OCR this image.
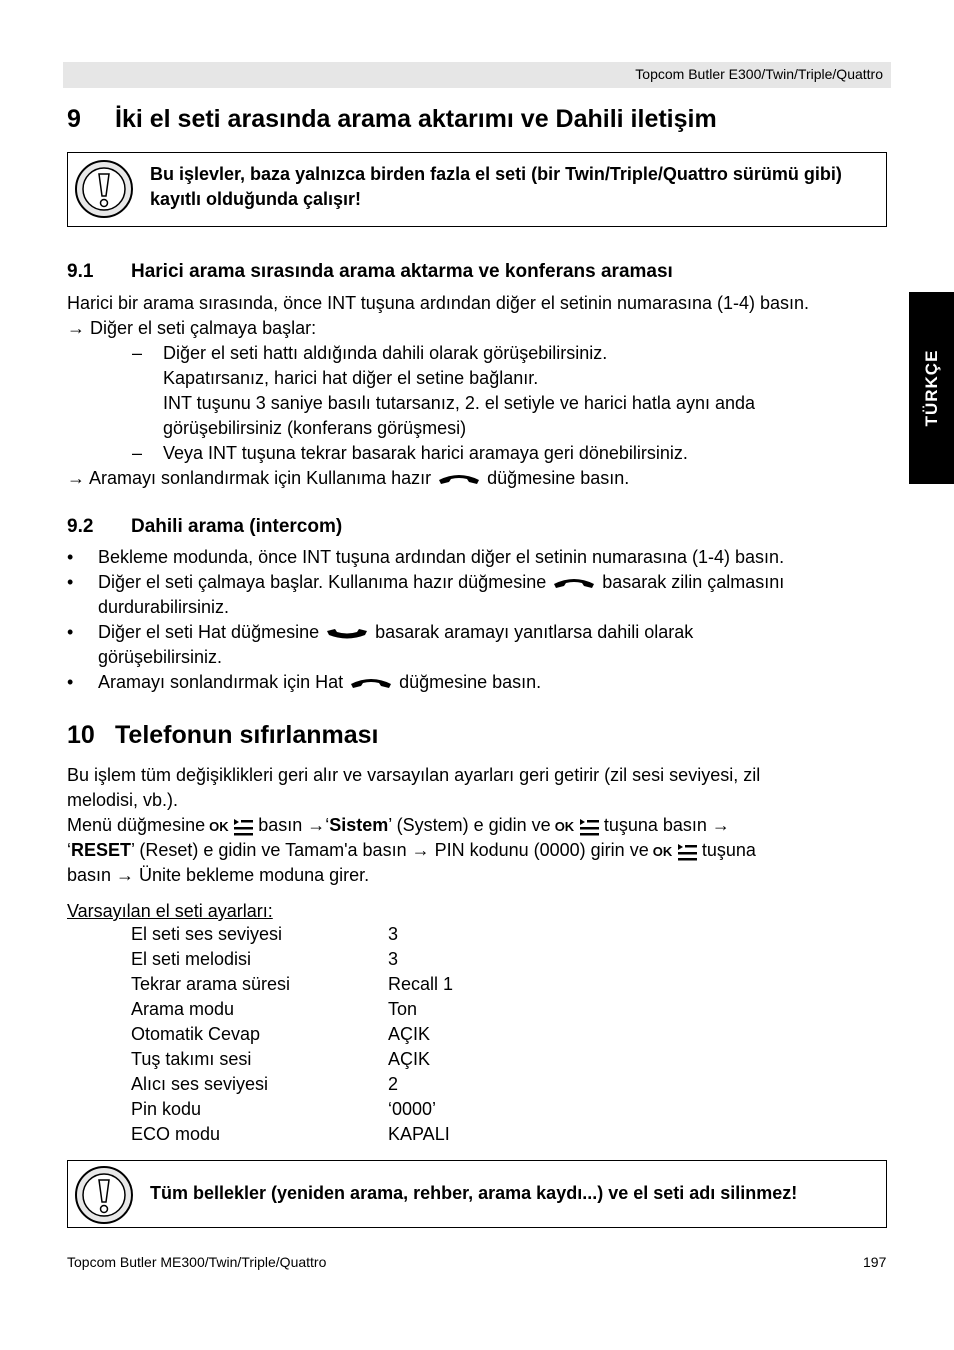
Topcom Butler E300/Twin/Triple/Quattro
TÜRKÇE
9 İki el seti arasında arama aktarımı ve Dahili iletişim
Bu işlevler, baza yalnızca birden fazla el seti (bir Twin/Triple/Quattro sürümü gibi) kayıtlı olduğunda çalışır!
9.1 Harici arama sırasında arama aktarma ve konferans araması
Harici bir arama sırasında, önce INT tuşuna ardından diğer el setinin numarasına (1-4) basın.
→ Diğer el seti çalmaya başlar:
– Diğer el seti hattı aldığında dahili olarak görüşebilirsiniz.
Kapatırsanız, harici hat diğer el setine bağlanır.
INT tuşunu 3 saniye basılı tutarsanız, 2. el setiyle ve harici hatla aynı anda
görüşebilirsiniz (konferans görüşmesi)
– Veya INT tuşuna tekrar basarak harici aramaya geri dönebilirsiniz.
→ Aramayı sonlandırmak için Kullanıma hazır	düğmesine basın.
9.2 Dahili arama (intercom)
• Bekleme modunda, önce INT tuşuna ardından diğer el setinin numarasına (1-4) basın.
• Diğer el seti çalmaya başlar. Kullanıma hazır düğmesine	basarak zilin çalmasını
durdurabilirsiniz.
• Diğer el seti Hat düğmesine	basarak aramayı yanıtlarsa dahili olarak
görüşebilirsiniz.
• Aramayı sonlandırmak için Hat	düğmesine basın.
10 Telefonun sıfırlanması
Bu işlem tüm değişiklikleri geri alır ve varsayılan ayarları geri getirir (zil sesi seviyesi, zil
melodisi, vb.).
Menü düğmesine OK basın →‘Sistem’ (System) e gidin ve OK tuşuna basın →
‘RESET’ (Reset) e gidin ve Tamam'a basın → PIN kodunu (0000) girin ve OK tuşuna
basın → Ünite bekleme moduna girer.
Varsayılan el seti ayarları:
El seti ses seviyesi	3
El seti melodisi	3
Tekrar arama süresi	Recall 1
Arama modu	Ton
Otomatik Cevap	AÇIK
Tuş takımı sesi	AÇIK
Alıcı ses seviyesi	2
Pin kodu	‘0000’
ECO modu	KAPALI
Tüm bellekler (yeniden arama, rehber, arama kaydı...) ve el seti adı silinmez!
Topcom Butler ME300/Twin/Triple/Quattro	197
